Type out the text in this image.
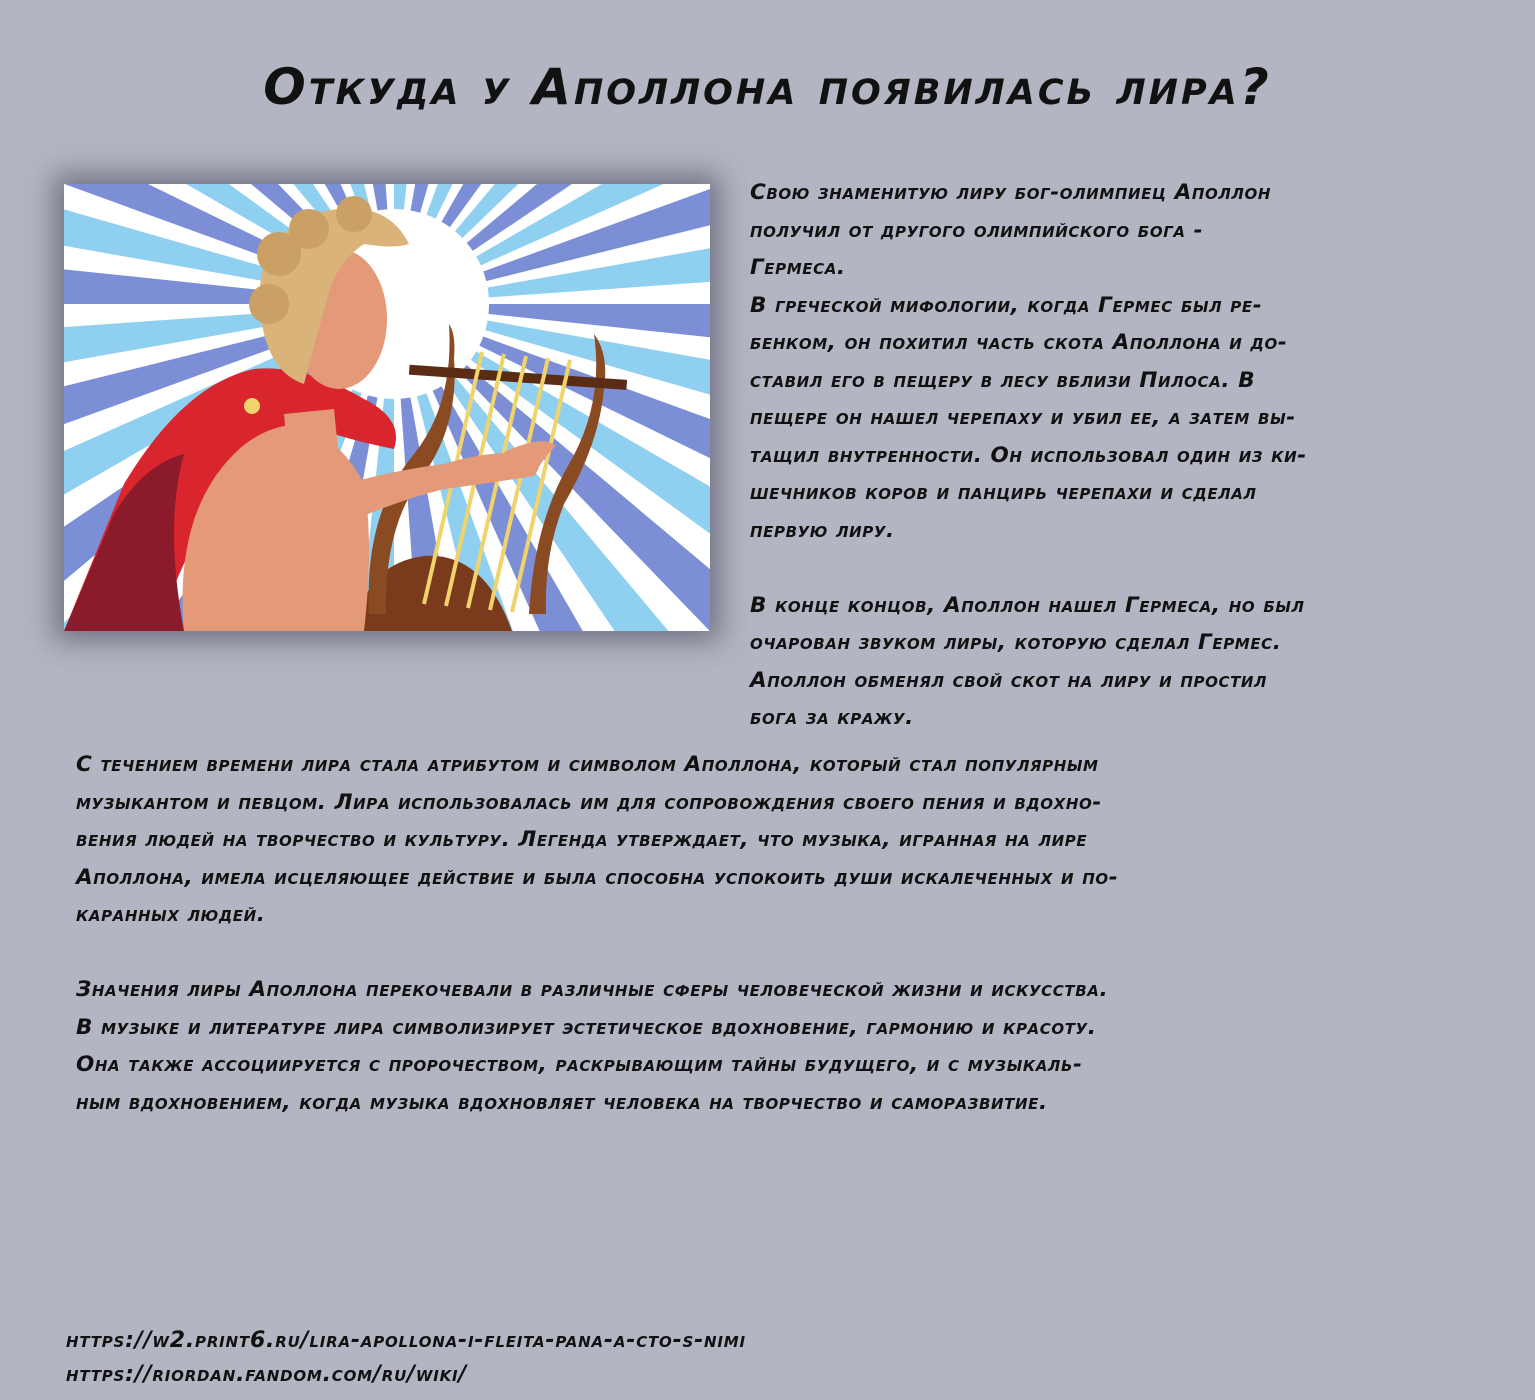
Откуда у Аполлона появилась лира?

Свою знаменитую лиру бог-олимпиец Аполлон
получил от другого олимпийского бога -
Гермеса.
В греческой мифологии, когда Гермес был ре-
бенком, он похитил часть скота Аполлона и до-
ставил его в пещеру в лесу вблизи Пилоса. В
пещере он нашел черепаху и убил ее, а затем вы-
тащил внутренности. Он использовал один из ки-
шечников коров и панцирь черепахи и сделал
первую лиру.

В конце концов, Аполлон нашел Гермеса, но был
очарован звуком лиры, которую сделал Гермес.
Аполлон обменял свой скот на лиру и простил
бога за кражу.

С течением времени лира стала атрибутом и символом Аполлона, который стал популярным
музыкантом и певцом. Лира использовалась им для сопровождения своего пения и вдохно-
вения людей на творчество и культуру. Легенда утверждает, что музыка, игранная на лире
Аполлона, имела исцеляющее действие и была способна успокоить души искалеченных и по-
каранных людей.

Значения лиры Аполлона перекочевали в различные сферы человеческой жизни и искусства.
В музыке и литературе лира символизирует эстетическое вдохновение, гармонию и красоту.
Она также ассоциируется с пророчеством, раскрывающим тайны будущего, и с музыкаль-
ным вдохновением, когда музыка вдохновляет человека на творчество и саморазвитие.

https://w2.print6.ru/lira-apollona-i-fleita-pana-a-cto-s-nimi
https://riordan.fandom.com/ru/wiki/
